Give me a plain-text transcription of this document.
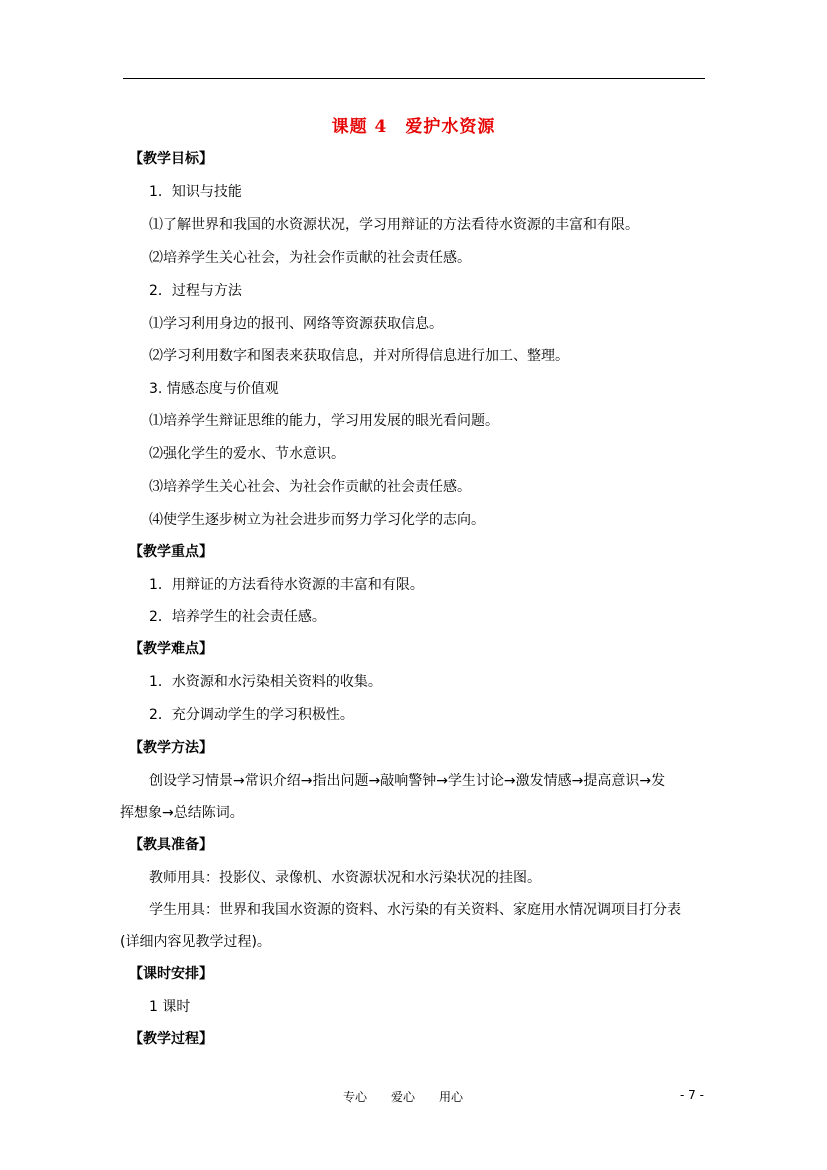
课题 4　爱护水资源
【教学目标】
1．知识与技能
⑴了解世界和我国的水资源状况，学习用辩证的方法看待水资源的丰富和有限。
⑵培养学生关心社会，为社会作贡献的社会责任感。
2．过程与方法
⑴学习利用身边的报刊、网络等资源获取信息。
⑵学习利用数字和图表来获取信息，并对所得信息进行加工、整理。
3. 情感态度与价值观
⑴培养学生辩证思维的能力，学习用发展的眼光看问题。
⑵强化学生的爱水、节水意识。
⑶培养学生关心社会、为社会作贡献的社会责任感。
⑷使学生逐步树立为社会进步而努力学习化学的志向。
【教学重点】
1．用辩证的方法看待水资源的丰富和有限。
2．培养学生的社会责任感。
【教学难点】
1．水资源和水污染相关资料的收集。
2．充分调动学生的学习积极性。
【教学方法】
创设学习情景→常识介绍→指出问题→敲响警钟→学生讨论→激发情感→提高意识→发
挥想象→总结陈词。
【教具准备】
教师用具：投影仪、录像机、水资源状况和水污染状况的挂图。
学生用具：世界和我国水资源的资料、水污染的有关资料、家庭用水情况调项目打分表
(详细内容见教学过程)。
【课时安排】
1 课时
【教学过程】
专心　　爱心　　用心	- 7 -
